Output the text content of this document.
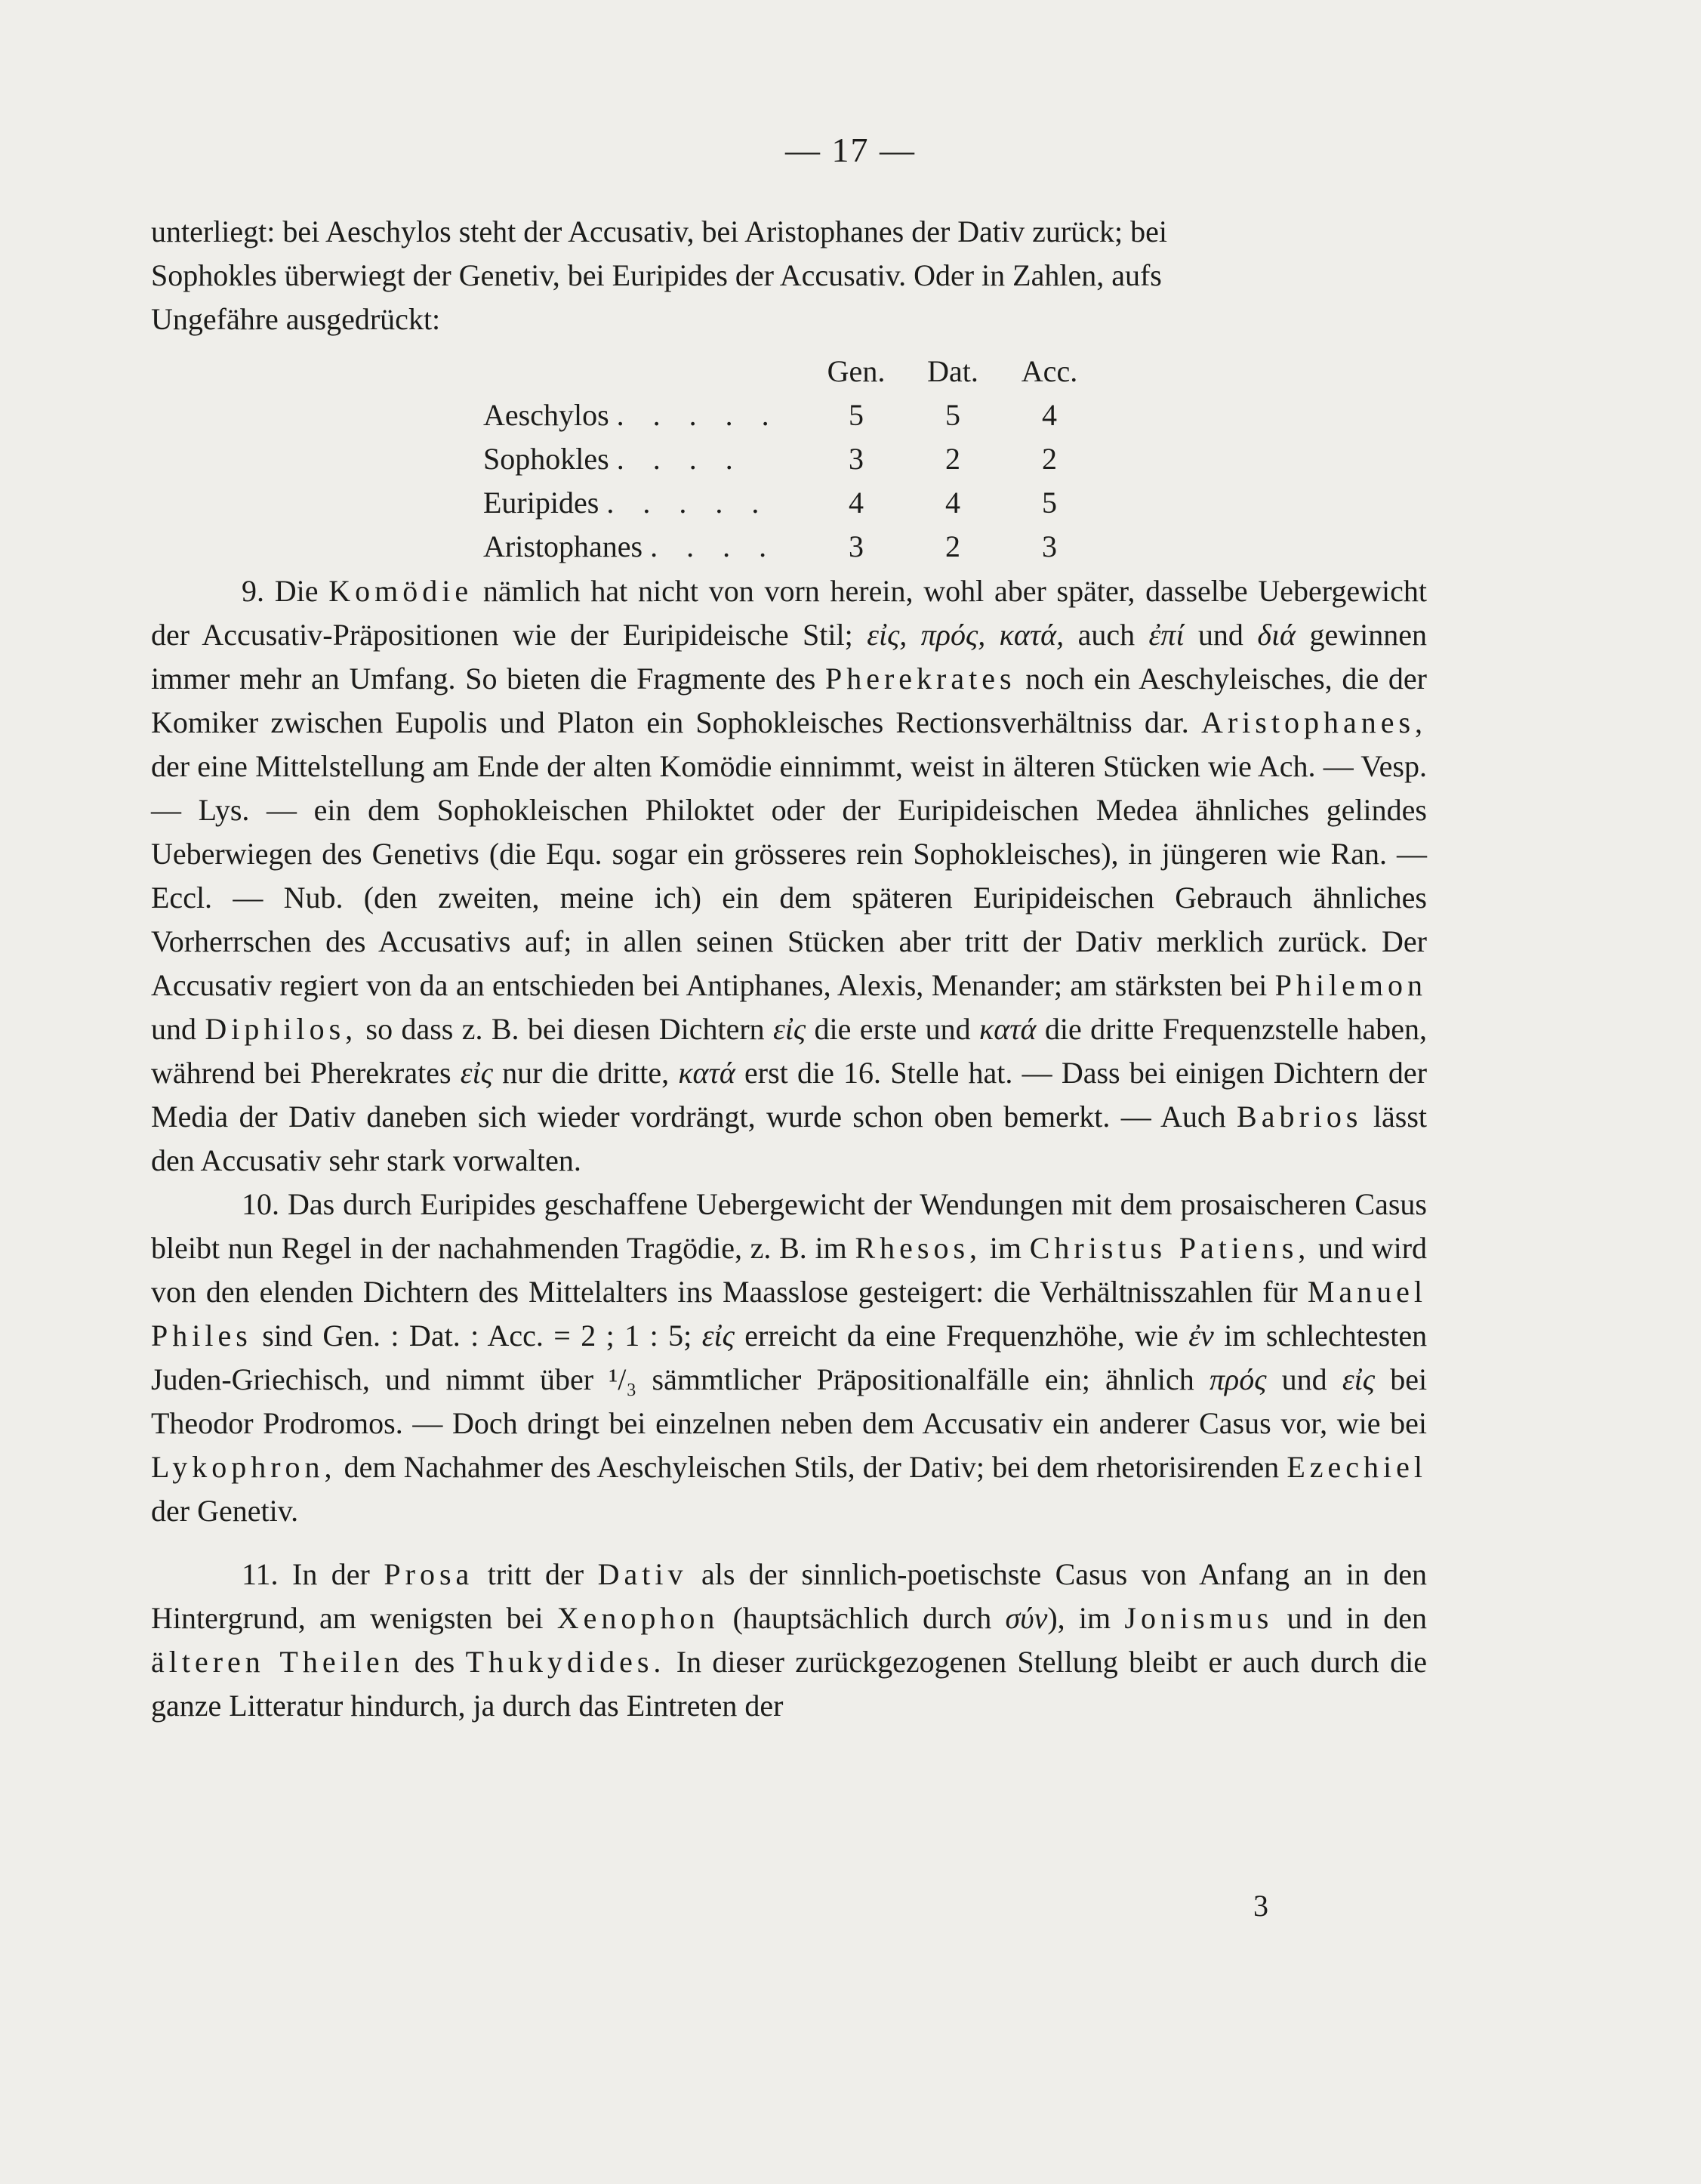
— 17 —

unterliegt: bei Aeschylos steht der Accusativ, bei Aristophanes der Dativ zurück; bei

Sophokles überwiegt der Genetiv, bei Euripides der Accusativ. Oder in Zahlen, aufs

Ungefähre ausgedrückt:

	Gen.	Dat.	Acc.
Aeschylos . . . . .	5	5	4
Sophokles . . . .	3	2	2
Euripides . . . . .	4	4	5
Aristophanes . . . .	3	2	3

9. Die Komödie nämlich hat nicht von vorn herein, wohl aber später, dasselbe Uebergewicht der Accusativ-Präpositionen wie der Euripideische Stil; εἰς, πρός, κατά, auch ἐπί und διά gewinnen immer mehr an Umfang. So bieten die Fragmente des Pherekrates noch ein Aeschyleisches, die der Komiker zwischen Eupolis und Platon ein Sophokleisches Rectionsverhältniss dar. Aristophanes, der eine Mittelstellung am Ende der alten Komödie einnimmt, weist in älteren Stücken wie Ach. — Vesp. — Lys. — ein dem Sophokleischen Philoktet oder der Euripideischen Medea ähnliches gelindes Ueberwiegen des Genetivs (die Equ. sogar ein grösseres rein Sophokleisches), in jüngeren wie Ran. — Eccl. — Nub. (den zweiten, meine ich) ein dem späteren Euripideischen Gebrauch ähnliches Vorherrschen des Accusativs auf; in allen seinen Stücken aber tritt der Dativ merklich zurück. Der Accusativ regiert von da an entschieden bei Antiphanes, Alexis, Menander; am stärksten bei Philemon und Diphilos, so dass z. B. bei diesen Dichtern εἰς die erste und κατά die dritte Frequenzstelle haben, während bei Pherekrates εἰς nur die dritte, κατά erst die 16. Stelle hat. — Dass bei einigen Dichtern der Media der Dativ daneben sich wieder vordrängt, wurde schon oben bemerkt. — Auch Babrios lässt den Accusativ sehr stark vorwalten.

10. Das durch Euripides geschaffene Uebergewicht der Wendungen mit dem prosaischeren Casus bleibt nun Regel in der nachahmenden Tragödie, z. B. im Rhesos, im Christus Patiens, und wird von den elenden Dichtern des Mittelalters ins Maasslose gesteigert: die Verhältnisszahlen für Manuel Philes sind Gen. : Dat. : Acc. = 2 ; 1 : 5; εἰς erreicht da eine Frequenzhöhe, wie ἐν im schlechtesten Juden-Griechisch, und nimmt über ¹/₃ sämmtlicher Präpositionalfälle ein; ähnlich πρός und εἰς bei Theodor Prodromos. — Doch dringt bei einzelnen neben dem Accusativ ein anderer Casus vor, wie bei Lykophron, dem Nachahmer des Aeschyleischen Stils, der Dativ; bei dem rhetorisirenden Ezechiel der Genetiv.

11. In der Prosa tritt der Dativ als der sinnlich-poetischste Casus von Anfang an in den Hintergrund, am wenigsten bei Xenophon (hauptsächlich durch σύν), im Jonismus und in den älteren Theilen des Thukydides. In dieser zurückgezogenen Stellung bleibt er auch durch die ganze Litteratur hindurch, ja durch das Eintreten der

3
